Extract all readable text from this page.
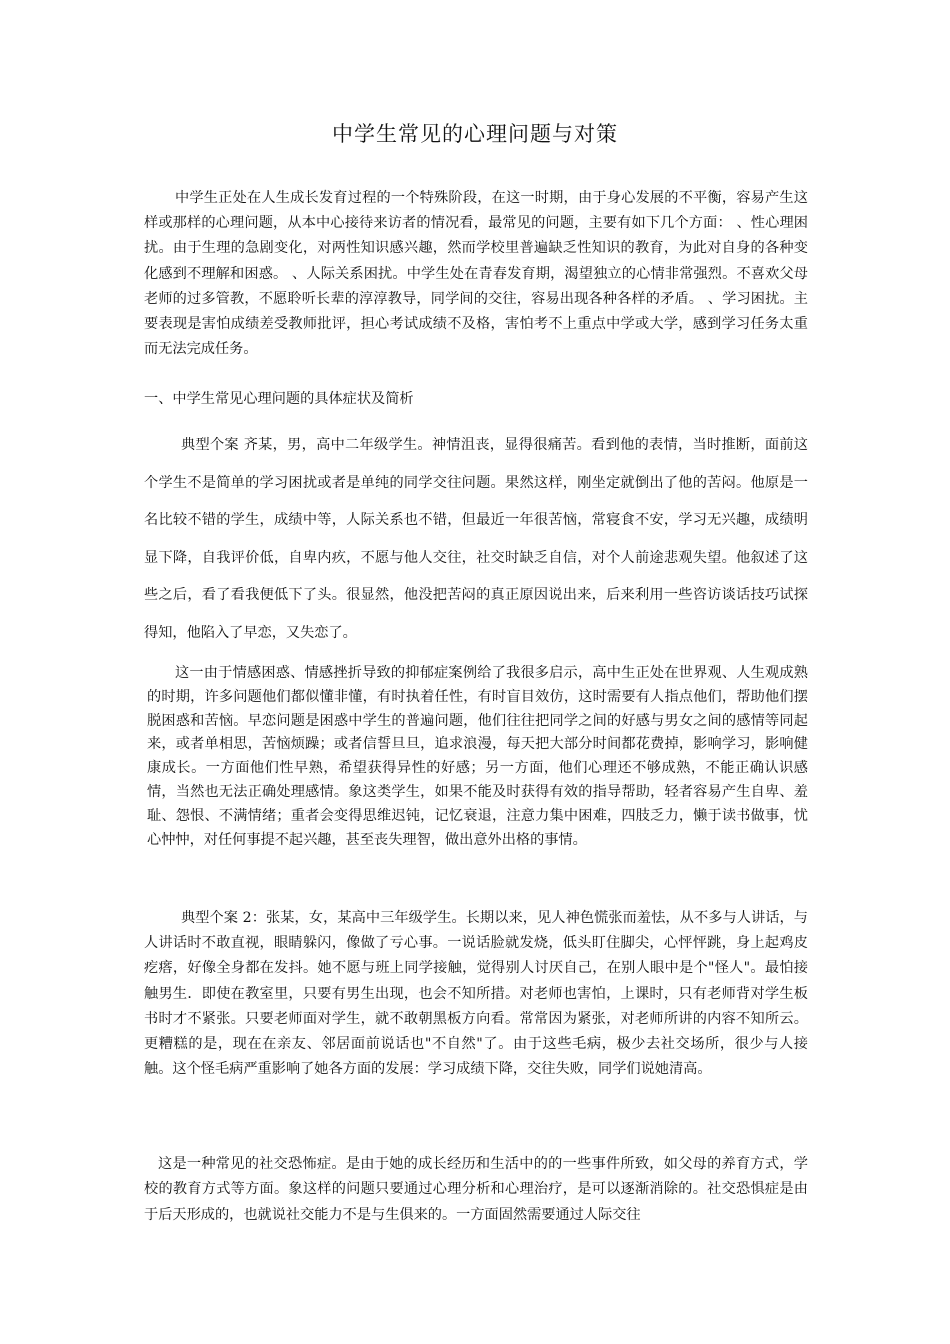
中学生常见的心理问题与对策

中学生正处在人生成长发育过程的一个特殊阶段，在这一时期，由于身心发展的不平衡，容易产生这样或那样的心理问题，从本中心接待来访者的情况看，最常见的问题，主要有如下几个方面： 、性心理困扰。由于生理的急剧变化，对两性知识感兴趣，然而学校里普遍缺乏性知识的教育，为此对自身的各种变化感到不理解和困惑。 、人际关系困扰。中学生处在青春发育期，渴望独立的心情非常强烈。不喜欢父母老师的过多管教，不愿聆听长辈的淳淳教导，同学间的交往，容易出现各种各样的矛盾。 、学习困扰。主要表现是害怕成绩差受教师批评，担心考试成绩不及格，害怕考不上重点中学或大学，感到学习任务太重而无法完成任务。

一、中学生常见心理问题的具体症状及简析

典型个案 齐某，男，高中二年级学生。神情沮丧，显得很痛苦。看到他的表情，当时推断，面前这个学生不是简单的学习困扰或者是单纯的同学交往问题。果然这样，刚坐定就倒出了他的苦闷。他原是一名比较不错的学生，成绩中等，人际关系也不错，但最近一年很苦恼，常寝食不安，学习无兴趣，成绩明显下降，自我评价低，自卑内疚，不愿与他人交往，社交时缺乏自信，对个人前途悲观失望。他叙述了这些之后，看了看我便低下了头。很显然，他没把苦闷的真正原因说出来，后来利用一些咨访谈话技巧试探得知，他陷入了早恋，又失恋了。

这一由于情感困惑、情感挫折导致的抑郁症案例给了我很多启示，高中生正处在世界观、人生观成熟的时期，许多问题他们都似懂非懂，有时执着任性，有时盲目效仿，这时需要有人指点他们，帮助他们摆脱困惑和苦恼。早恋问题是困惑中学生的普遍问题，他们往往把同学之间的好感与男女之间的感情等同起来，或者单相思，苦恼烦躁；或者信誓旦旦，追求浪漫，每天把大部分时间都花费掉，影响学习，影响健康成长。一方面他们性早熟，希望获得异性的好感；另一方面，他们心理还不够成熟，不能正确认识感情，当然也无法正确处理感情。象这类学生，如果不能及时获得有效的指导帮助，轻者容易产生自卑、羞耻、怨恨、不满情绪；重者会变得思维迟钝，记忆衰退，注意力集中困难，四肢乏力，懒于读书做事，忧心忡忡，对任何事提不起兴趣，甚至丧失理智，做出意外出格的事情。

典型个案 2：张某，女，某高中三年级学生。长期以来，见人神色慌张而羞怯，从不多与人讲话，与人讲话时不敢直视，眼睛躲闪，像做了亏心事。一说话脸就发烧，低头盯住脚尖，心怦怦跳，身上起鸡皮疙瘩，好像全身都在发抖。她不愿与班上同学接触，觉得别人讨厌自己，在别人眼中是个"怪人"。最怕接触男生．即使在教室里，只要有男生出现，也会不知所措。对老师也害怕，上课时，只有老师背对学生板书时才不紧张。只要老师面对学生，就不敢朝黑板方向看。常常因为紧张，对老师所讲的内容不知所云。更糟糕的是，现在在亲友、邻居面前说话也"不自然"了。由于这些毛病，极少去社交场所，很少与人接触。这个怪毛病严重影响了她各方面的发展：学习成绩下降，交往失败，同学们说她清高。

这是一种常见的社交恐怖症。是由于她的成长经历和生活中的的一些事件所致，如父母的养育方式，学校的教育方式等方面。象这样的问题只要通过心理分析和心理治疗，是可以逐渐消除的。社交恐惧症是由于后天形成的，也就说社交能力不是与生俱来的。一方面固然需要通过人际交往
